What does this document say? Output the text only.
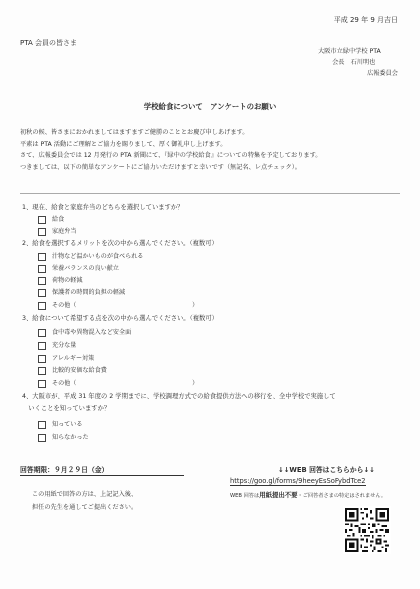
平成 29 年 9 月吉日
PTA 会員の皆さま
大阪市立緑中学校 PTA
会長　石川明也
広報委員会
学校給食について　アンケートのお願い
初秋の候、皆さまにおかれましてはますますご健勝のこととお慶び申しあげます。
平素は PTA 活動にご理解とご協力を賜りまして、厚く御礼申し上げます。
さて、広報委員会では 12 月発行の PTA 新聞にて、『緑中の学校給食』についての特集を予定しております。
つきましては、以下の簡単なアンケートにご協力いただけますと幸いです（無記名、レ点チェック）。
1、現在、給食と家庭弁当のどちらを選択していますか？
給食
家庭弁当
2、給食を選択するメリットを次の中から選んでください。（複数可）
汁物など温かいものが食べられる
栄養バランスの良い献立
荷物の軽減
保護者の時間的負担の軽減
その他（　　　　　　　　　　　　　　　　　　　）
3、給食について希望する点を次の中から選んでください。（複数可）
食中毒や異物混入など安全面
充分な量
アレルギー対策
比較的安価な給食費
その他（　　　　　　　　　　　　　　　　　　　）
4、大阪市が、平成 31 年度の 2 学期までに、学校調理方式での給食提供方法への移行を、全中学校で実施して
　いくことを知っていますか？
知っている
知らなかった
回答期限：９月２９日（金）	↓↓WEB 回答はこちらから↓↓
https://goo.gl/forms/9heeyEsSoFybdTce2
WEB 回答は用紙提出不要・ご回答者さまの特定はされません。
この用紙で回答の方は、上記記入後、
担任の先生を通してご提出ください。
